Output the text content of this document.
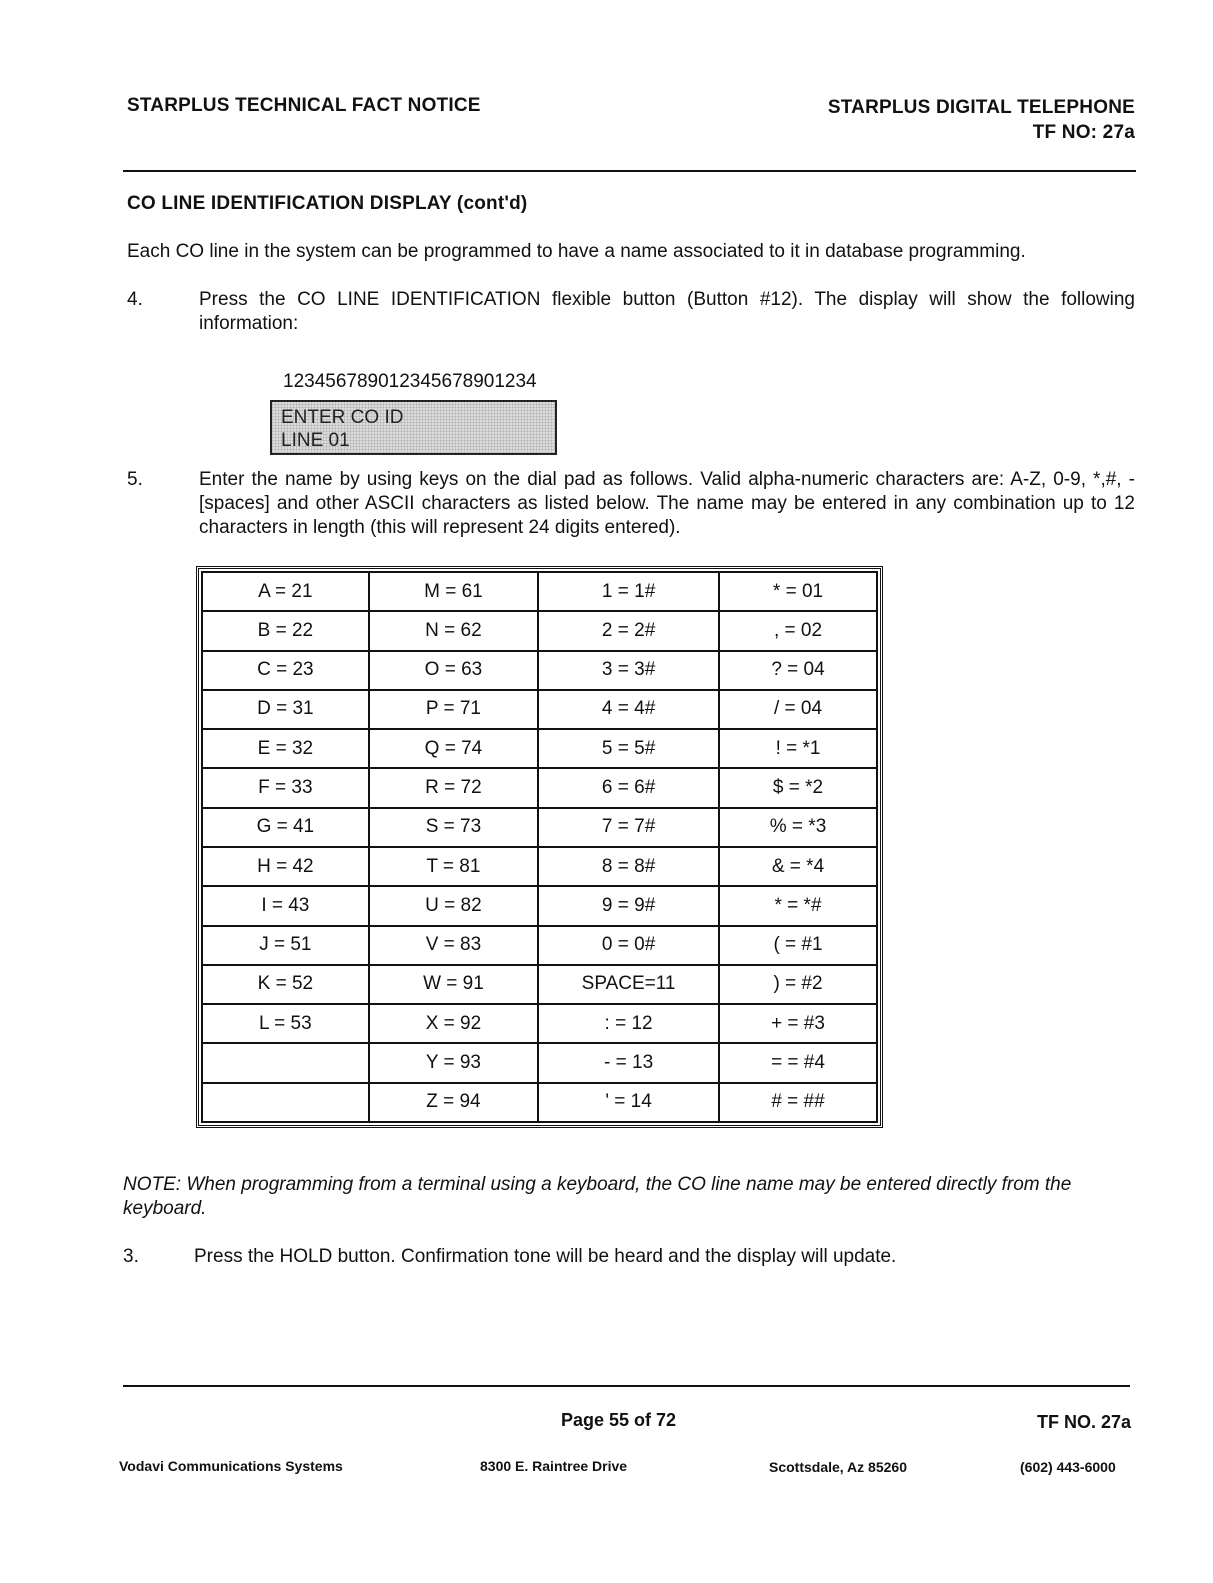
STARPLUS TECHNICAL FACT NOTICE	STARPLUS DIGITAL TELEPHONE
TF NO: 27a
CO LINE IDENTIFICATION DISPLAY (cont'd)
Each CO line in the system can be programmed to have a name associated to it in database programming.
4.	Press the CO LINE IDENTIFICATION flexible button (Button #12). The display will show the following information:
123456789012345678901234
ENTER CO ID
LINE 01
5.	Enter the name by using keys on the dial pad as follows. Valid alpha-numeric characters are: A-Z, 0-9, *,#, - [spaces] and other ASCII characters as listed below. The name may be entered in any combination up to 12 characters in length (this will represent 24 digits entered).
A = 21	M = 61	1 = 1#	* = 01
B = 22	N = 62	2 = 2#	, = 02
C = 23	O = 63	3 = 3#	? = 04
D = 31	P = 71	4 = 4#	/ = 04
E = 32	Q = 74	5 = 5#	! = *1
F = 33	R = 72	6 = 6#	$ = *2
G = 41	S = 73	7 = 7#	% = *3
H = 42	T = 81	8 = 8#	& = *4
I = 43	U = 82	9 = 9#	* = *#
J = 51	V = 83	0 = 0#	( = #1
K = 52	W = 91	SPACE=11	) = #2
L = 53	X = 92	: = 12	+ = #3
	Y = 93	- = 13	= = #4
	Z = 94	' = 14	# = ##
NOTE: When programming from a terminal using a keyboard, the CO line name may be entered directly from the keyboard.
3.	Press the HOLD button. Confirmation tone will be heard and the display will update.
Page 55 of 72	TF NO. 27a
Vodavi Communications Systems	8300 E. Raintree Drive	Scottsdale, Az 85260	(602) 443-6000
